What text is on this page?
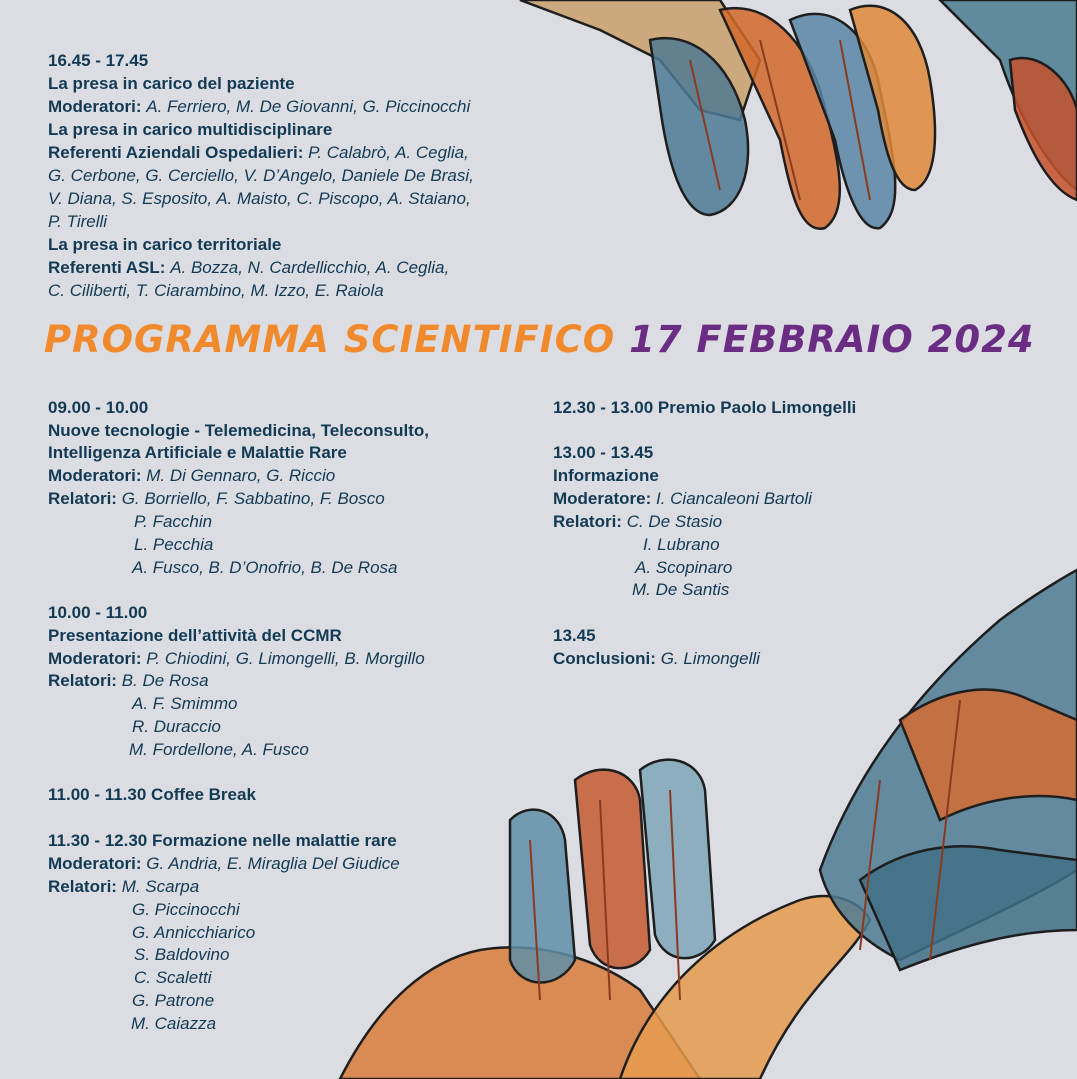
16.45 - 17.45
La presa in carico del paziente
Moderatori: A. Ferriero, M. De Giovanni, G. Piccinocchi
La presa in carico multidisciplinare
Referenti Aziendali Ospedalieri: P. Calabrò, A. Ceglia,
G. Cerbone, G. Cerciello, V. D’Angelo, Daniele De Brasi,
V. Diana, S. Esposito, A. Maisto, C. Piscopo, A. Staiano,
P. Tirelli
La presa in carico territoriale
Referenti ASL: A. Bozza, N. Cardellicchio, A. Ceglia,
C. Ciliberti, T. Ciarambino, M. Izzo, E. Raiola
PROGRAMMA SCIENTIFICO 17 FEBBRAIO 2024
09.00 - 10.00
Nuove tecnologie - Telemedicina, Teleconsulto,
Intelligenza Artificiale e Malattie Rare
Moderatori: M. Di Gennaro, G. Riccio
Relatori: G. Borriello, F. Sabbatino, F. Bosco
P. Facchin
L. Pecchia
A. Fusco, B. D’Onofrio, B. De Rosa
10.00 - 11.00
Presentazione dell’attività del CCMR
Moderatori: P. Chiodini, G. Limongelli, B. Morgillo
Relatori: B. De Rosa
A. F. Smimmo
R. Duraccio
M. Fordellone, A. Fusco
11.00 - 11.30 Coffee Break
11.30 - 12.30 Formazione nelle malattie rare
Moderatori: G. Andria, E. Miraglia Del Giudice
Relatori: M. Scarpa
G. Piccinocchi
G. Annicchiarico
S. Baldovino
C. Scaletti
G. Patrone
M. Caiazza
12.30 - 13.00 Premio Paolo Limongelli
13.00 - 13.45
Informazione
Moderatore: I. Ciancaleoni Bartoli
Relatori: C. De Stasio
I. Lubrano
A. Scopinaro
M. De Santis
13.45
Conclusioni: G. Limongelli
